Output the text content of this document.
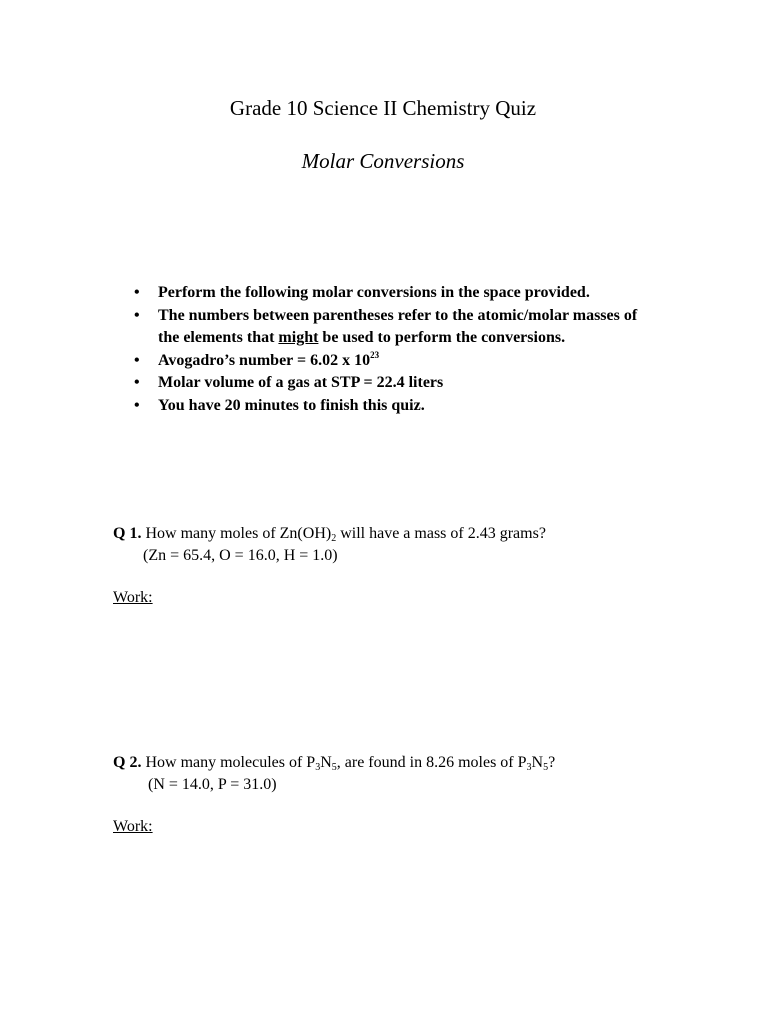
Grade 10 Science II Chemistry Quiz
Molar Conversions
• Perform the following molar conversions in the space provided.
• The numbers between parentheses refer to the atomic/molar masses of the elements that might be used to perform the conversions.
• Avogadro’s number = 6.02 x $10^{23}$
• Molar volume of a gas at STP = 22.4 liters
• You have 20 minutes to finish this quiz.
Q 1. How many moles of $Zn(OH)_2$ will have a mass of 2.43 grams?
(Zn = 65.4, O = 16.0, H = 1.0)
Work:
Q 2. How many molecules of $P_3N_5$, are found in 8.26 moles of $P_3N_5$?
(N = 14.0, P = 31.0)
Work:
